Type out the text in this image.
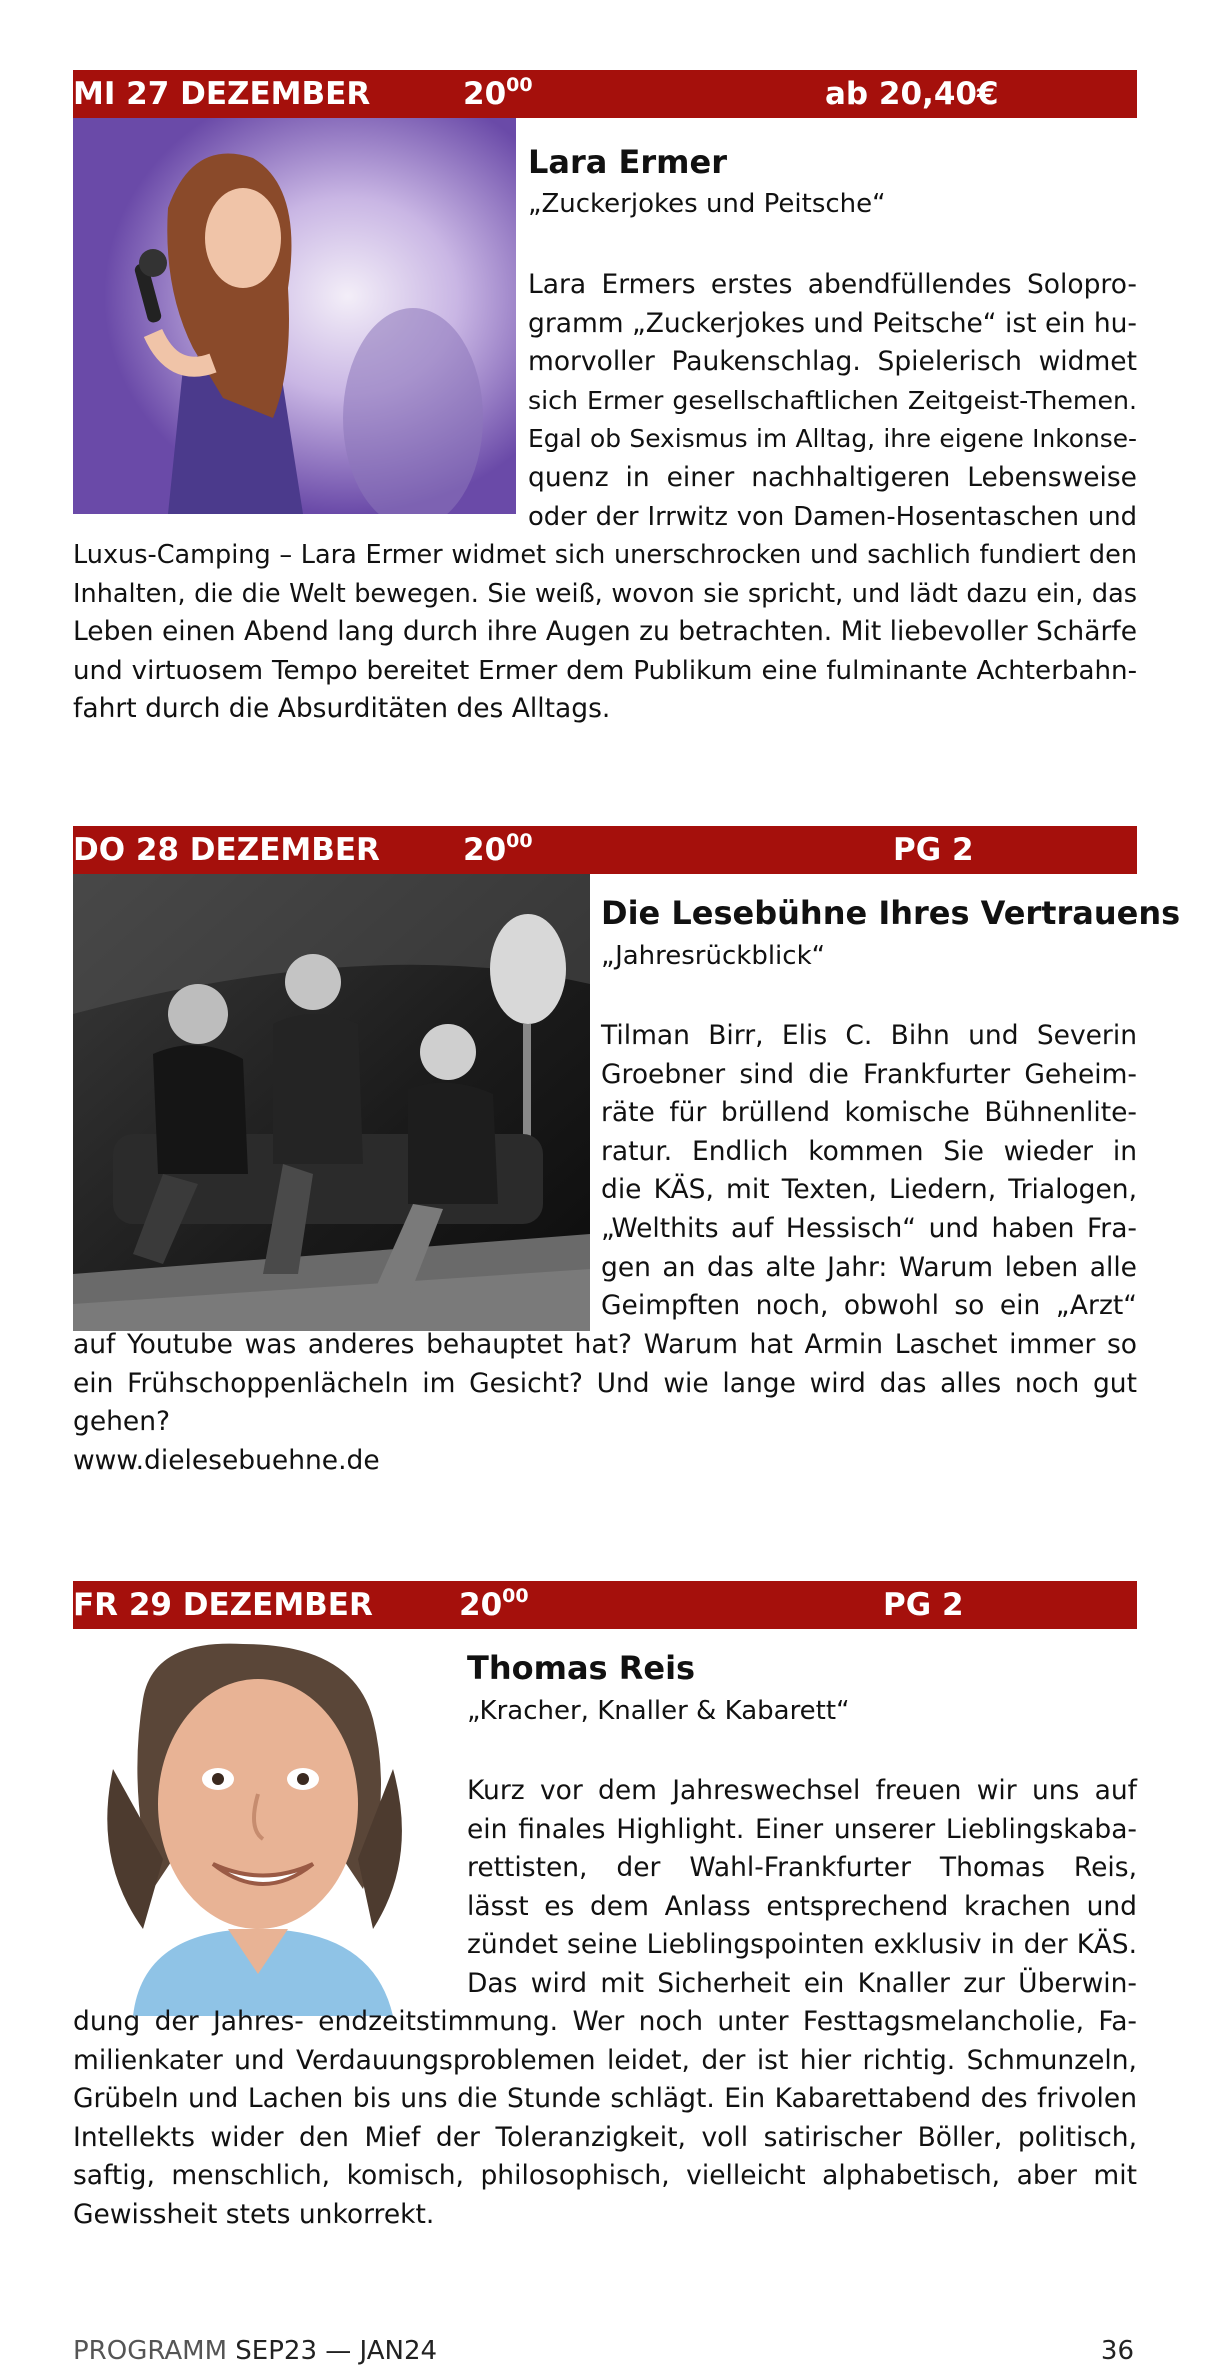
MI 27 DEZEMBER	$20^{00}$	ab 20,40€
Lara Ermer
„Zuckerjokes und Peitsche“
Lara Ermers erstes abendfüllendes Solopro-
gramm „Zuckerjokes und Peitsche“ ist ein hu-
morvoller Paukenschlag. Spielerisch widmet
sich Ermer gesellschaftlichen Zeitgeist-Themen.
Egal ob Sexismus im Alltag, ihre eigene Inkonse-
quenz in einer nachhaltigeren Lebensweise
oder der Irrwitz von Damen-Hosentaschen und
Luxus-Camping – Lara Ermer widmet sich unerschrocken und sachlich fundiert den
Inhalten, die die Welt bewegen. Sie weiß, wovon sie spricht, und lädt dazu ein, das
Leben einen Abend lang durch ihre Augen zu betrachten. Mit liebevoller Schärfe
und virtuosem Tempo bereitet Ermer dem Publikum eine fulminante Achterbahn-
fahrt durch die Absurditäten des Alltags.
DO 28 DEZEMBER	$20^{00}$	PG 2
Die Lesebühne Ihres Vertrauens
„Jahresrückblick“
Tilman Birr, Elis C. Bihn und Severin
Groebner sind die Frankfurter Geheim-
räte für brüllend komische Bühnenlite-
ratur. Endlich kommen Sie wieder in
die KÄS, mit Texten, Liedern, Trialogen,
„Welthits auf Hessisch“ und haben Fra-
gen an das alte Jahr: Warum leben alle
Geimpften noch, obwohl so ein „Arzt“
auf Youtube was anderes behauptet hat? Warum hat Armin Laschet immer so
ein Frühschoppenlächeln im Gesicht? Und wie lange wird das alles noch gut
gehen?
www.dielesebuehne.de
FR 29 DEZEMBER	$20^{00}$	PG 2
Thomas Reis
„Kracher, Knaller & Kabarett“
Kurz vor dem Jahreswechsel freuen wir uns auf
ein finales Highlight. Einer unserer Lieblingskaba-
rettisten, der Wahl-Frankfurter Thomas Reis,
lässt es dem Anlass entsprechend krachen und
zündet seine Lieblingspointen exklusiv in der KÄS.
Das wird mit Sicherheit ein Knaller zur Überwin-
dung der Jahres- endzeitstimmung. Wer noch unter Festtagsmelancholie, Fa-
milienkater und Verdauungsproblemen leidet, der ist hier richtig. Schmunzeln,
Grübeln und Lachen bis uns die Stunde schlägt. Ein Kabarettabend des frivolen
Intellekts wider den Mief der Toleranzigkeit, voll satirischer Böller, politisch,
saftig, menschlich, komisch, philosophisch, vielleicht alphabetisch, aber mit
Gewissheit stets unkorrekt.
PROGRAMM SEP23 — JAN24	36
